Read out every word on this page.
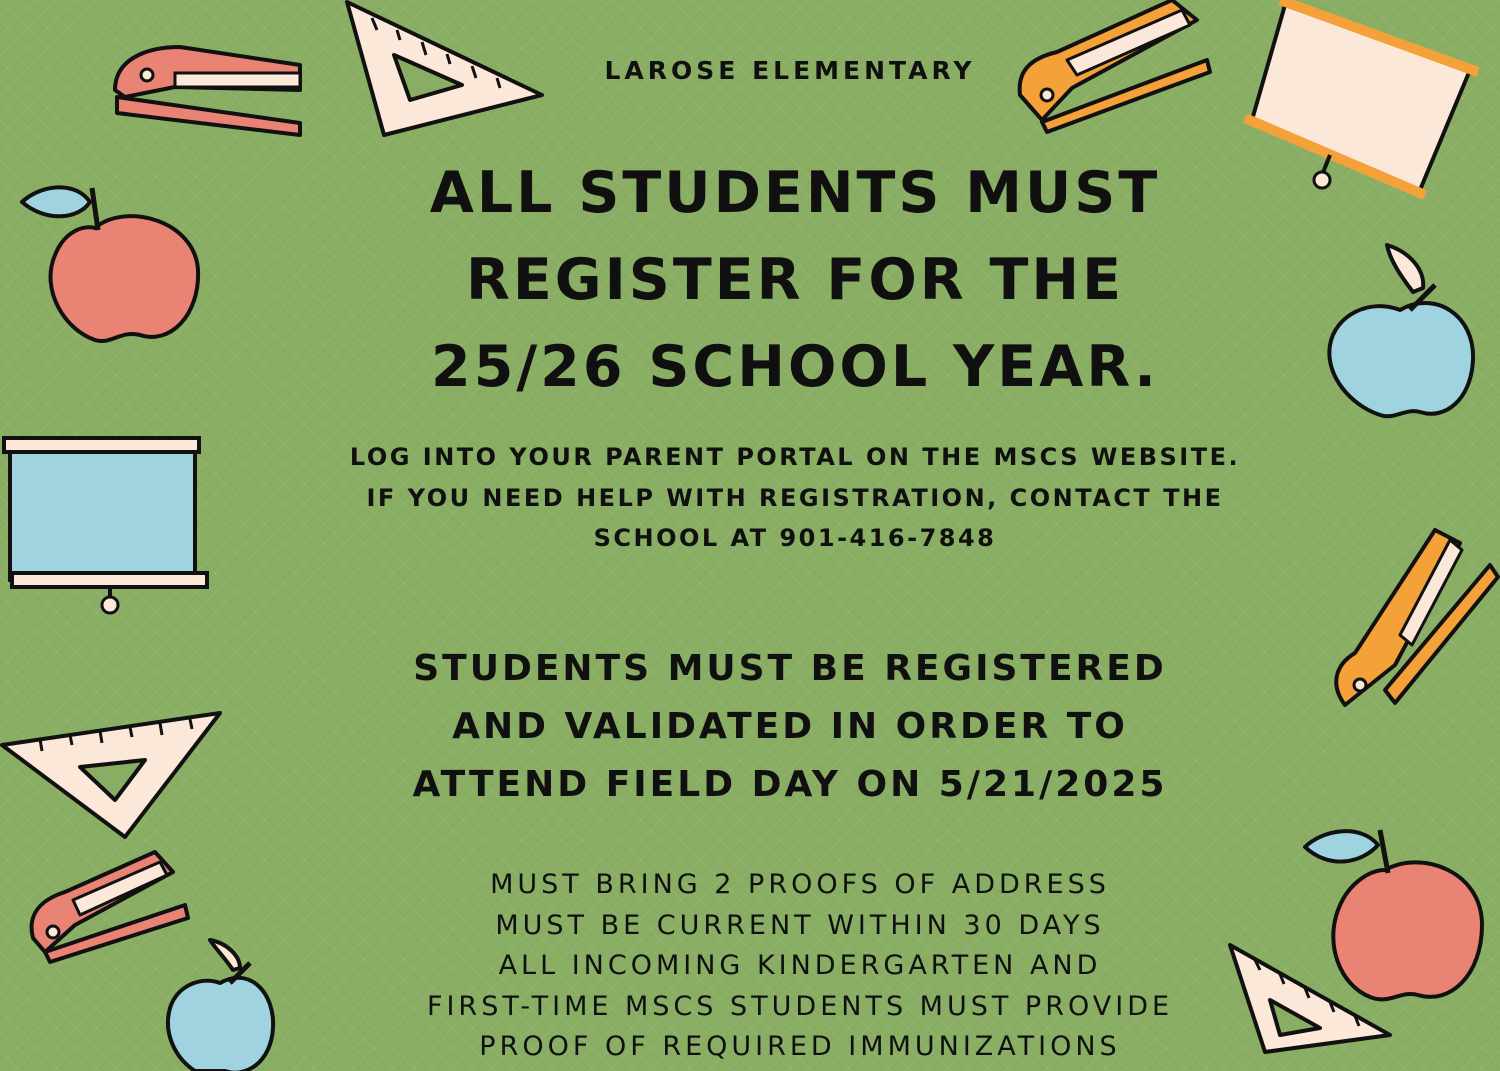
LAROSE ELEMENTARY
ALL STUDENTS MUST
REGISTER FOR THE
25/26 SCHOOL YEAR.

LOG INTO YOUR PARENT PORTAL ON THE MSCS WEBSITE. IF YOU NEED HELP WITH REGISTRATION, CONTACT THE SCHOOL AT 901-416-7848

STUDENTS MUST BE REGISTERED
AND VALIDATED IN ORDER TO
ATTEND FIELD DAY ON 5/21/2025

MUST BRING 2 PROOFS OF ADDRESS
MUST BE CURRENT WITHIN 30 DAYS
ALL INCOMING KINDERGARTEN AND
FIRST-TIME MSCS STUDENTS MUST PROVIDE
PROOF OF REQUIRED IMMUNIZATIONS
